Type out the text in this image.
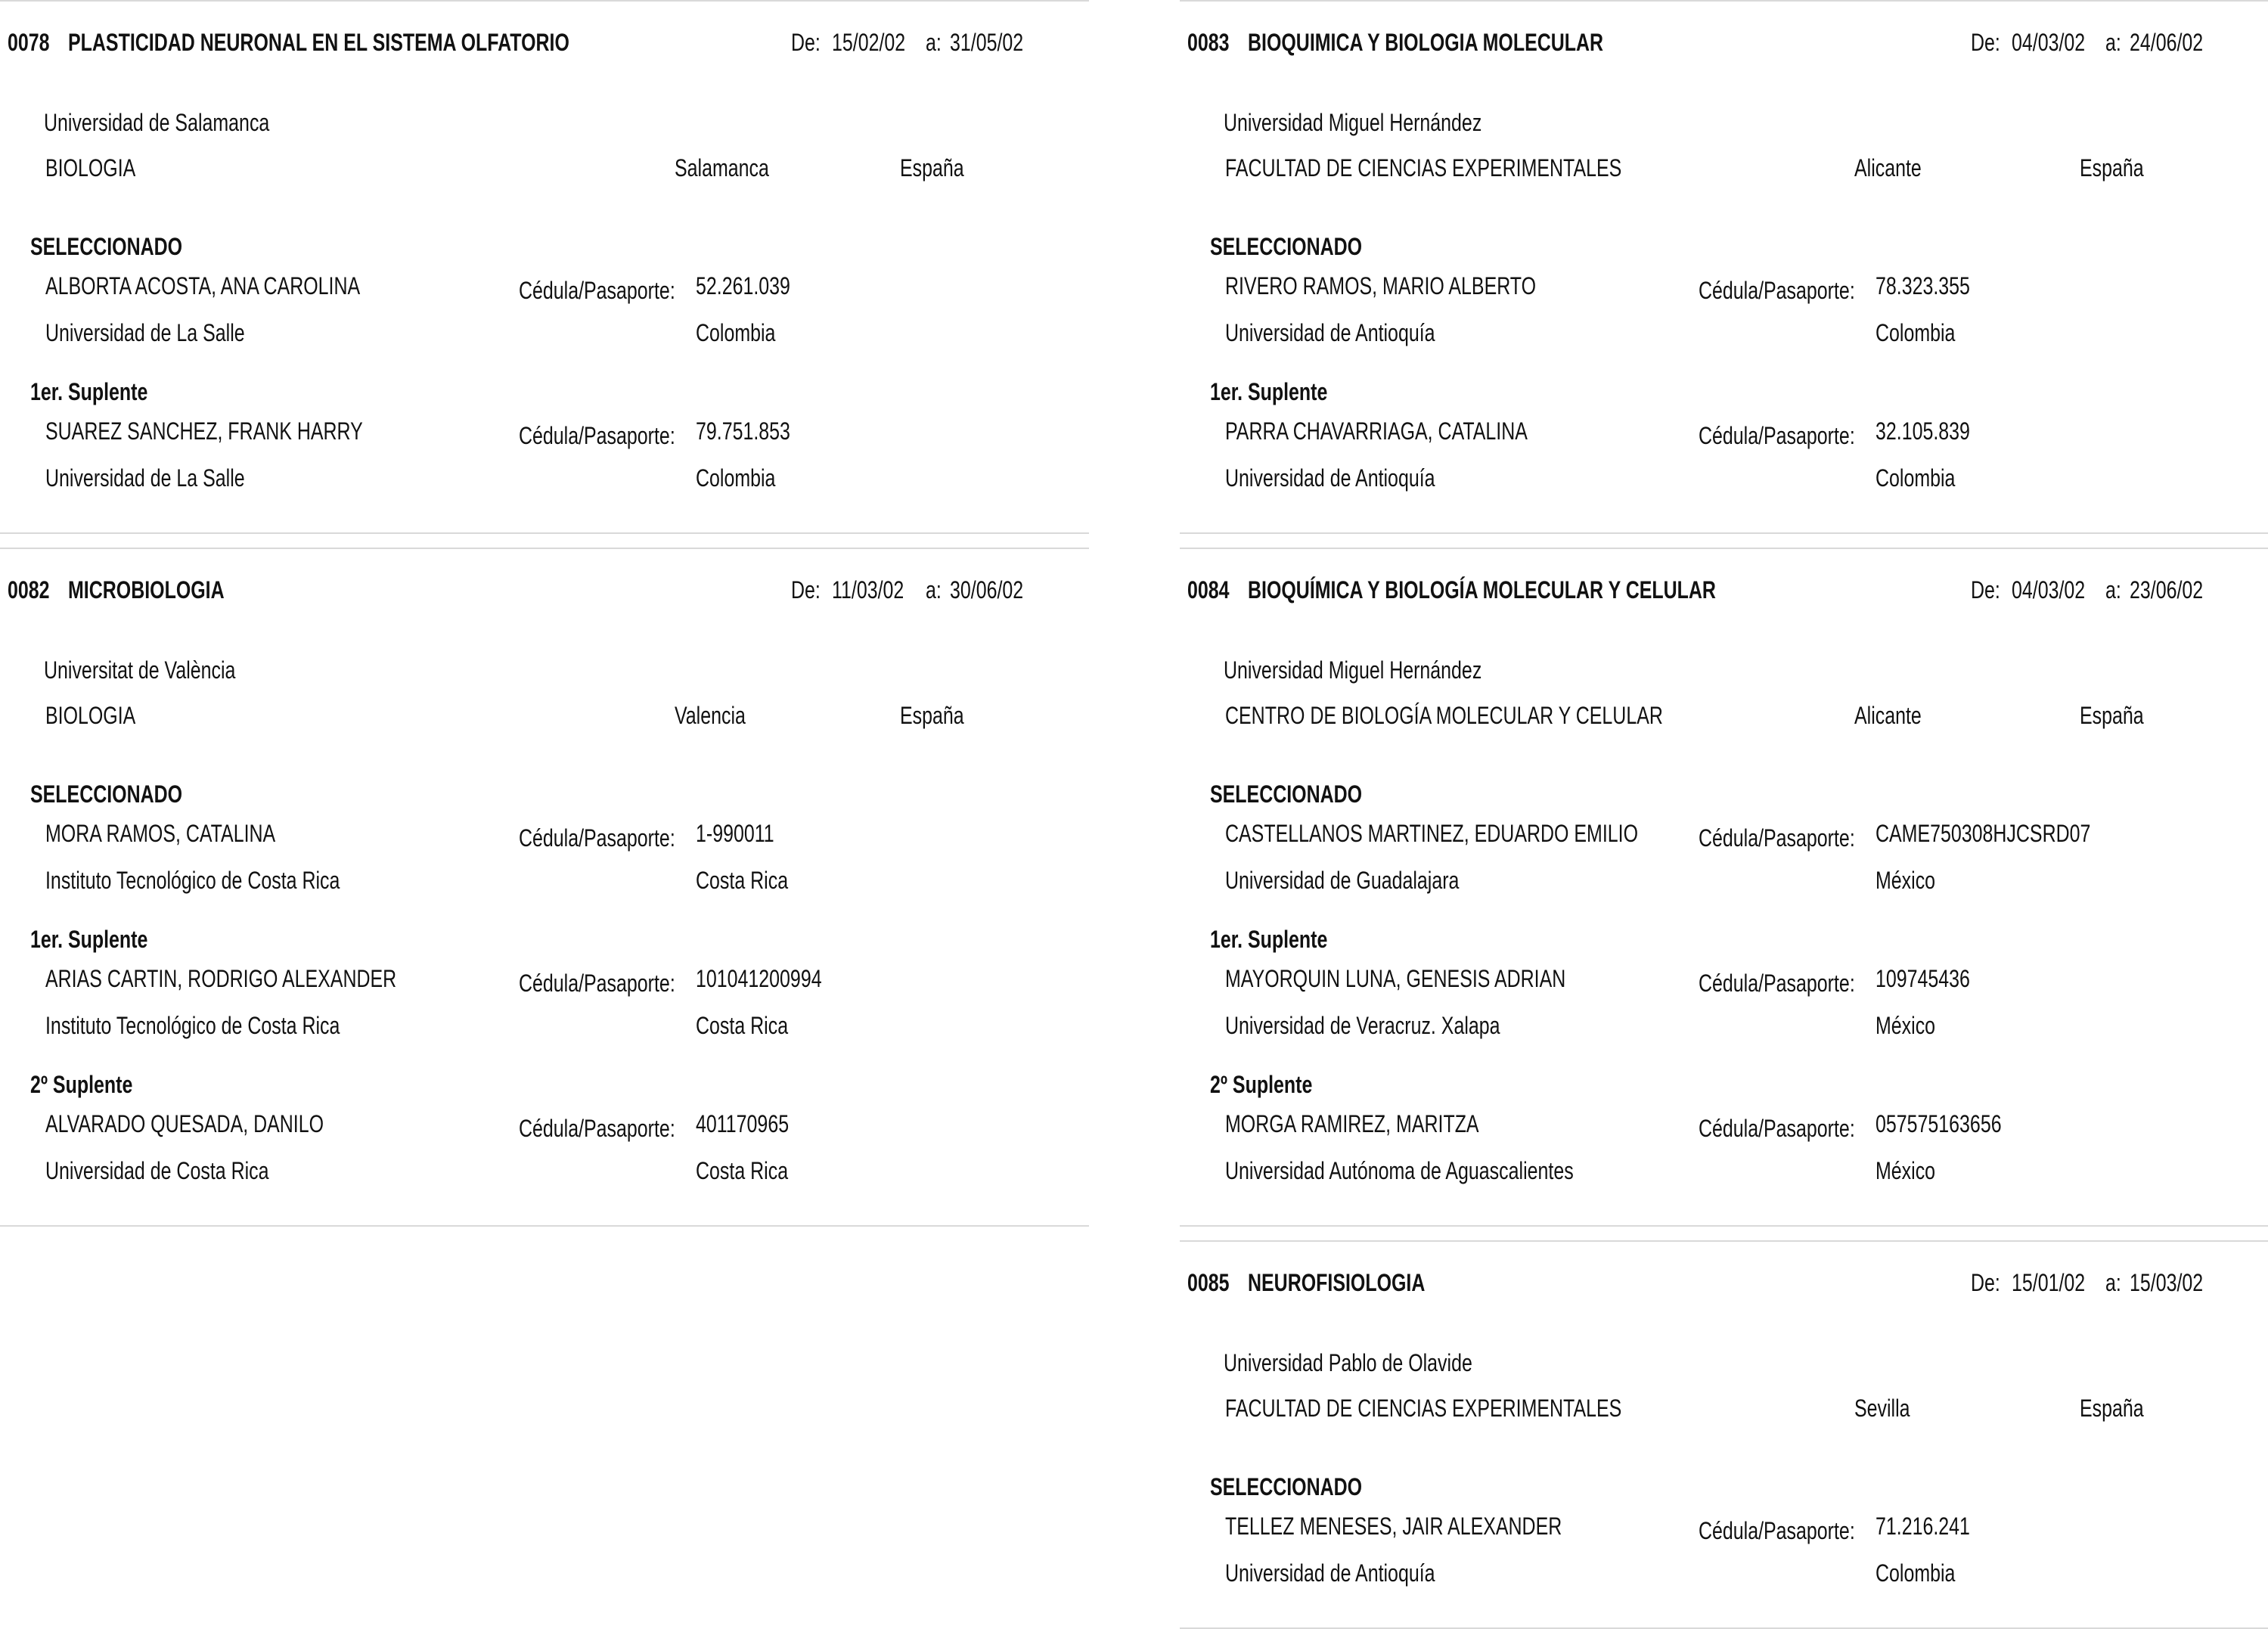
0078 PLASTICIDAD NEURONAL EN EL SISTEMA OLFATORIO	De: 15/02/02 a: 31/05/02
Universidad de Salamanca
BIOLOGIA	Salamanca	España
SELECCIONADO
ALBORTA ACOSTA, ANA CAROLINA	Cédula/Pasaporte: 52.261.039
Universidad de La Salle	Colombia
1er. Suplente
SUAREZ SANCHEZ, FRANK HARRY	Cédula/Pasaporte: 79.751.853
Universidad de La Salle	Colombia
0082 MICROBIOLOGIA	De: 11/03/02 a: 30/06/02
Universitat de València
BIOLOGIA	Valencia	España
SELECCIONADO
MORA RAMOS, CATALINA	Cédula/Pasaporte: 1-990011
Instituto Tecnológico de Costa Rica	Costa Rica
1er. Suplente
ARIAS CARTIN, RODRIGO ALEXANDER	Cédula/Pasaporte: 101041200994
Instituto Tecnológico de Costa Rica	Costa Rica
2º Suplente
ALVARADO QUESADA, DANILO	Cédula/Pasaporte: 401170965
Universidad de Costa Rica	Costa Rica
0083 BIOQUIMICA Y BIOLOGIA MOLECULAR	De: 04/03/02 a: 24/06/02
Universidad Miguel Hernández
FACULTAD DE CIENCIAS EXPERIMENTALES	Alicante	España
SELECCIONADO
RIVERO RAMOS, MARIO ALBERTO	Cédula/Pasaporte: 78.323.355
Universidad de Antioquía	Colombia
1er. Suplente
PARRA CHAVARRIAGA, CATALINA	Cédula/Pasaporte: 32.105.839
Universidad de Antioquía	Colombia
0084 BIOQUÍMICA Y BIOLOGÍA MOLECULAR Y CELULAR	De: 04/03/02 a: 23/06/02
Universidad Miguel Hernández
CENTRO DE BIOLOGÍA MOLECULAR Y CELULAR	Alicante	España
SELECCIONADO
CASTELLANOS MARTINEZ, EDUARDO EMILIO	Cédula/Pasaporte: CAME750308HJCSRD07
Universidad de Guadalajara	México
1er. Suplente
MAYORQUIN LUNA, GENESIS ADRIAN	Cédula/Pasaporte: 109745436
Universidad de Veracruz. Xalapa	México
2º Suplente
MORGA RAMIREZ, MARITZA	Cédula/Pasaporte: 057575163656
Universidad Autónoma de Aguascalientes	México
0085 NEUROFISIOLOGIA	De: 15/01/02 a: 15/03/02
Universidad Pablo de Olavide
FACULTAD DE CIENCIAS EXPERIMENTALES	Sevilla	España
SELECCIONADO
TELLEZ MENESES, JAIR ALEXANDER	Cédula/Pasaporte: 71.216.241
Universidad de Antioquía	Colombia
